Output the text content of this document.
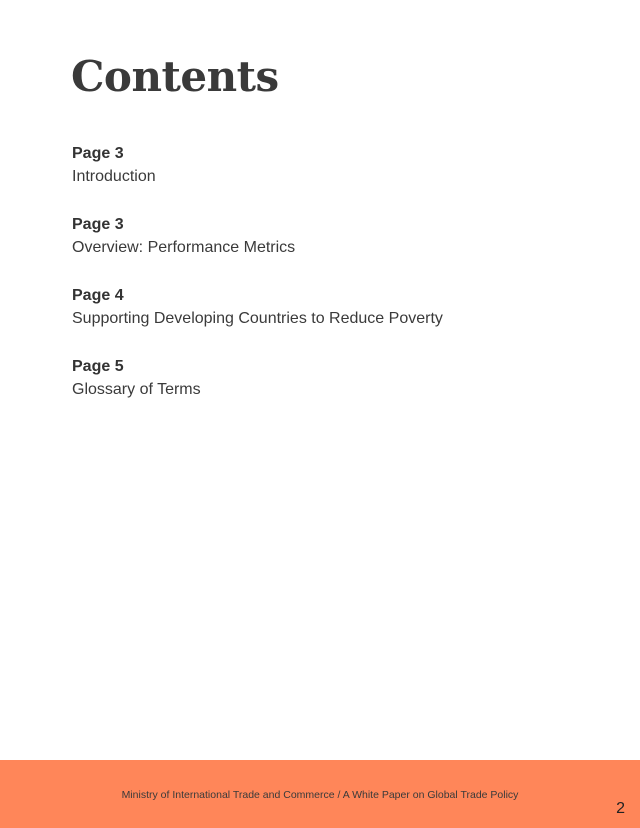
Contents
Page 3
Introduction
Page 3
Overview: Performance Metrics
Page 4
Supporting Developing Countries to Reduce Poverty
Page 5
Glossary of Terms
Ministry of International Trade and Commerce / A White Paper on Global Trade Policy
2
